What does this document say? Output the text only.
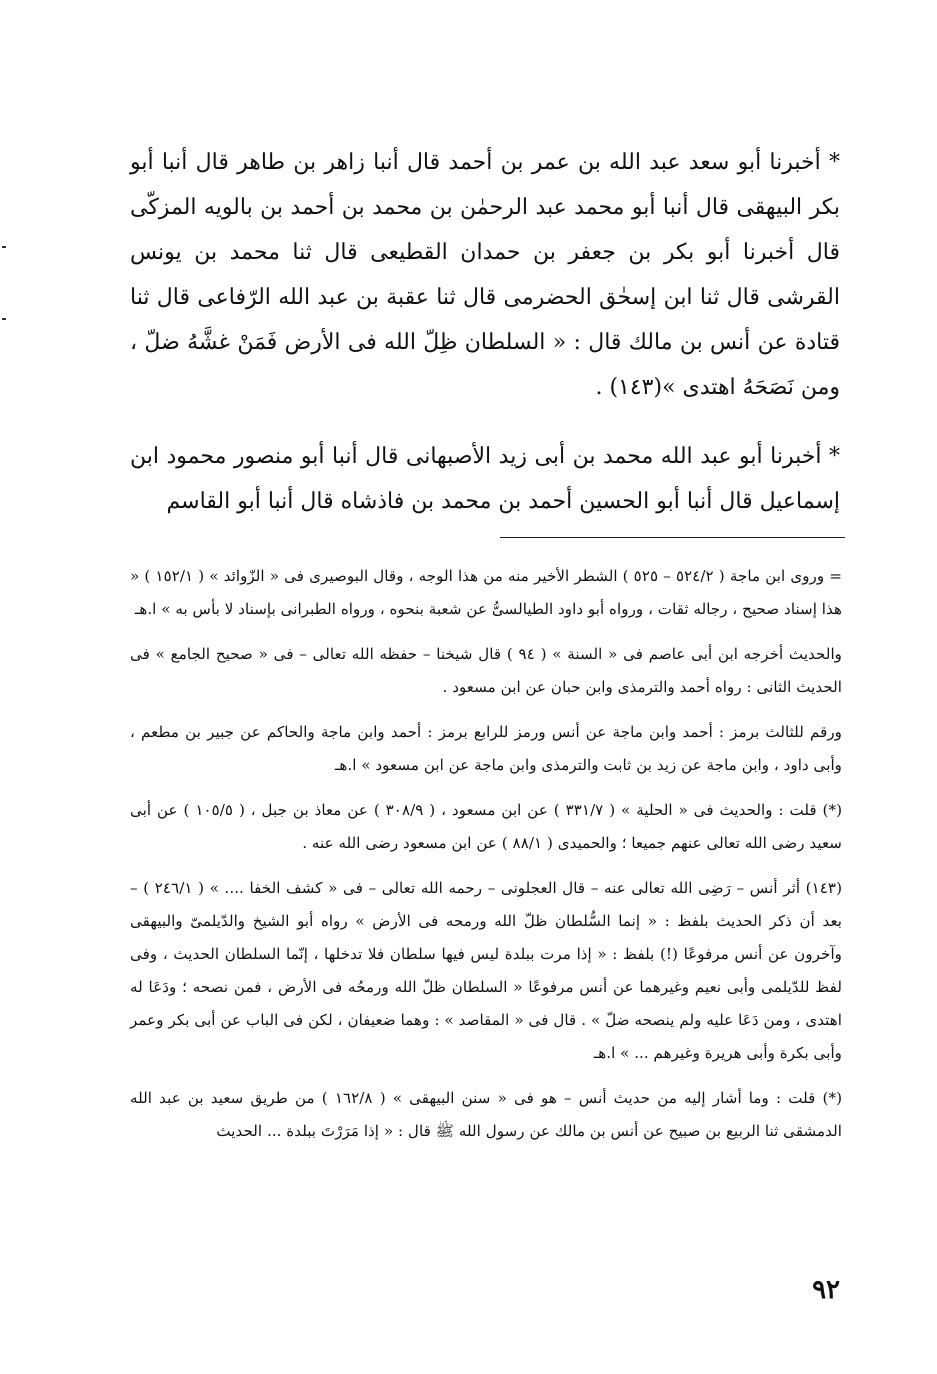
* أخبرنا أبو سعد عبد الله بن عمر بن أحمد قال أنبا زاهر بن طاهر قال أنبا أبو بكر البيهقى قال أنبا أبو محمد عبد الرحمٰن بن محمد بن أحمد بن بالويه المزكّى قال أخبرنا أبو بكر بن جعفر بن حمدان القطيعى قال ثنا محمد بن يونس القرشى قال ثنا ابن إسحٰق الحضرمى قال ثنا عقبة بن عبد الله الرّفاعى قال ثنا قتادة عن أنس بن مالك قال : « السلطان ظِلّ الله فى الأرض فَمَنْ غشَّهُ ضلّ ، ومن نَصَحَهُ اهتدى »(١٤٣) .

* أخبرنا أبو عبد الله محمد بن أبى زيد الأصبهانى قال أنبا أبو منصور محمود ابن إسماعيل قال أنبا أبو الحسين أحمد بن محمد بن فاذشاه قال أنبا أبو القاسم

= وروى ابن ماجة ( ٥٢٤/٢ – ٥٢٥ ) الشطر الأخير منه من هذا الوجه ، وقال البوصيرى فى « الزّوائد » ( ١٥٢/١ ) « هذا إسناد صحيح ، رجاله ثقات ، ورواه أبو داود الطيالسىُّ عن شعبة بنحوه ، ورواه الطبرانى بإسناد لا بأس به » ا.هـ

والحديث أخرجه ابن أبى عاصم فى « السنة » ( ٩٤ ) قال شيخنا – حفظه الله تعالى – فى « صحيح الجامع » فى الحديث الثانى : رواه أحمد والترمذى وابن حبان عن ابن مسعود .

ورقم للثالث برمز : أحمد وابن ماجة عن أنس ورمز للرابع برمز : أحمد وابن ماجة والحاكم عن جبير بن مطعم ، وأبى داود ، وابن ماجة عن زيد بن ثابت والترمذى وابن ماجة عن ابن مسعود » ا.هـ

(*) قلت : والحديث فى « الحلية » ( ٣٣١/٧ ) عن ابن مسعود ، ( ٣٠٨/٩ ) عن معاذ بن جبل ، ( ١٠٥/٥ ) عن أبى سعيد رضى الله تعالى عنهم جميعا ؛ والحميدى ( ٨٨/١ ) عن ابن مسعود رضى الله عنه .

(١٤٣) أثر أنس – رَضِى الله تعالى عنه – قال العجلونى – رحمه الله تعالى – فى « كشف الخفا .... » ( ٢٤٦/١ ) – بعد أن ذكر الحديث بلفظ : « إنما السُّلطان ظلّ الله ورمحه فى الأرض » رواه أبو الشيخ والدّيلمىّ والبيهقى وآخرون عن أنس مرفوعًا (!) بلفظ : « إذا مرت ببلدة ليس فيها سلطان فلا تدخلها ، إنّما السلطان الحديث ، وفى لفظ للدّيلمى وأبى نعيم وغيرهما عن أنس مرفوعًا « السلطان ظلّ الله ورمحُه فى الأرض ، فمن نصحه ؛ ودَعَا له اهتدى ، ومن دَعَا عليه ولم ينصحه ضلّ » . قال فى « المقاصد » : وهما ضعيفان ، لكن فى الباب عن أبى بكر وعمر وأبى بكرة وأبى هريرة وغيرهم ... » ا.هـ

(*) قلت : وما أشار إليه من حديث أنس – هو فى « سنن البيهقى » ( ١٦٢/٨ ) من طريق سعيد بن عبد الله الدمشقى ثنا الربيع بن صبيح عن أنس بن مالك عن رسول الله ﷺ قال : « إذا مَرَرْتَ ببلدة ... الحديث

٩٢
